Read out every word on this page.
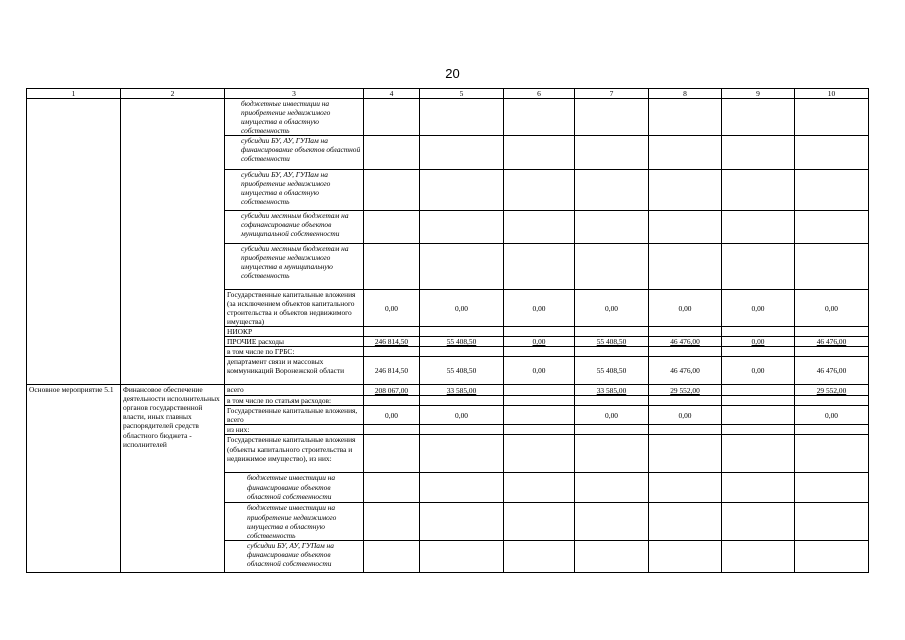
20
1	2	3	4	5	6	7	8	9	10
		бюджетные инвестиции на приобретение недвижимого имущества в областную собственность							
		субсидии БУ, АУ, ГУПам на финансирование объектов областной собственности							
		субсидии БУ, АУ, ГУПам на приобретение недвижимого имущества в областную собственность							
		субсидии местным бюджетам на софинансирование объектов муниципальной собственности							
		субсидии местным бюджетам на приобретение недвижимого имущества в муниципальную собственность							
		Государственные капитальные вложения (за исключением объектов капитального строительства и объектов недвижимого имущества)	0,00	0,00	0,00	0,00	0,00	0,00	0,00
		НИОКР							
		ПРОЧИЕ расходы	246 814,50	55 408,50	0,00	55 408,50	46 476,00	0,00	46 476,00
		в том числе по ГРБС:							
		департамент связи и массовых коммуникаций Воронежской области	246 814,50	55 408,50	0,00	55 408,50	46 476,00	0,00	46 476,00
Основное мероприятие 5.1	Финансовое обеспечение деятельности исполнительных органов государственной власти, иных главных распорядителей средств областного бюджета - исполнителей	всего	208 067,00	33 585,00		33 585,00	29 552,00		29 552,00
		в том числе по статьям расходов:							
		Государственные капитальные вложения, всего	0,00	0,00		0,00	0,00		0,00
		из них:							
		Государственные капитальные вложения (объекты капитального строительства и недвижимое имущество), из них:							
		бюджетные инвестиции на финансирование объектов областной собственности							
		бюджетные инвестиции на приобретение недвижимого имущества в областную собственность							
		субсидии БУ, АУ, ГУПам на финансирование объектов областной собственности							
